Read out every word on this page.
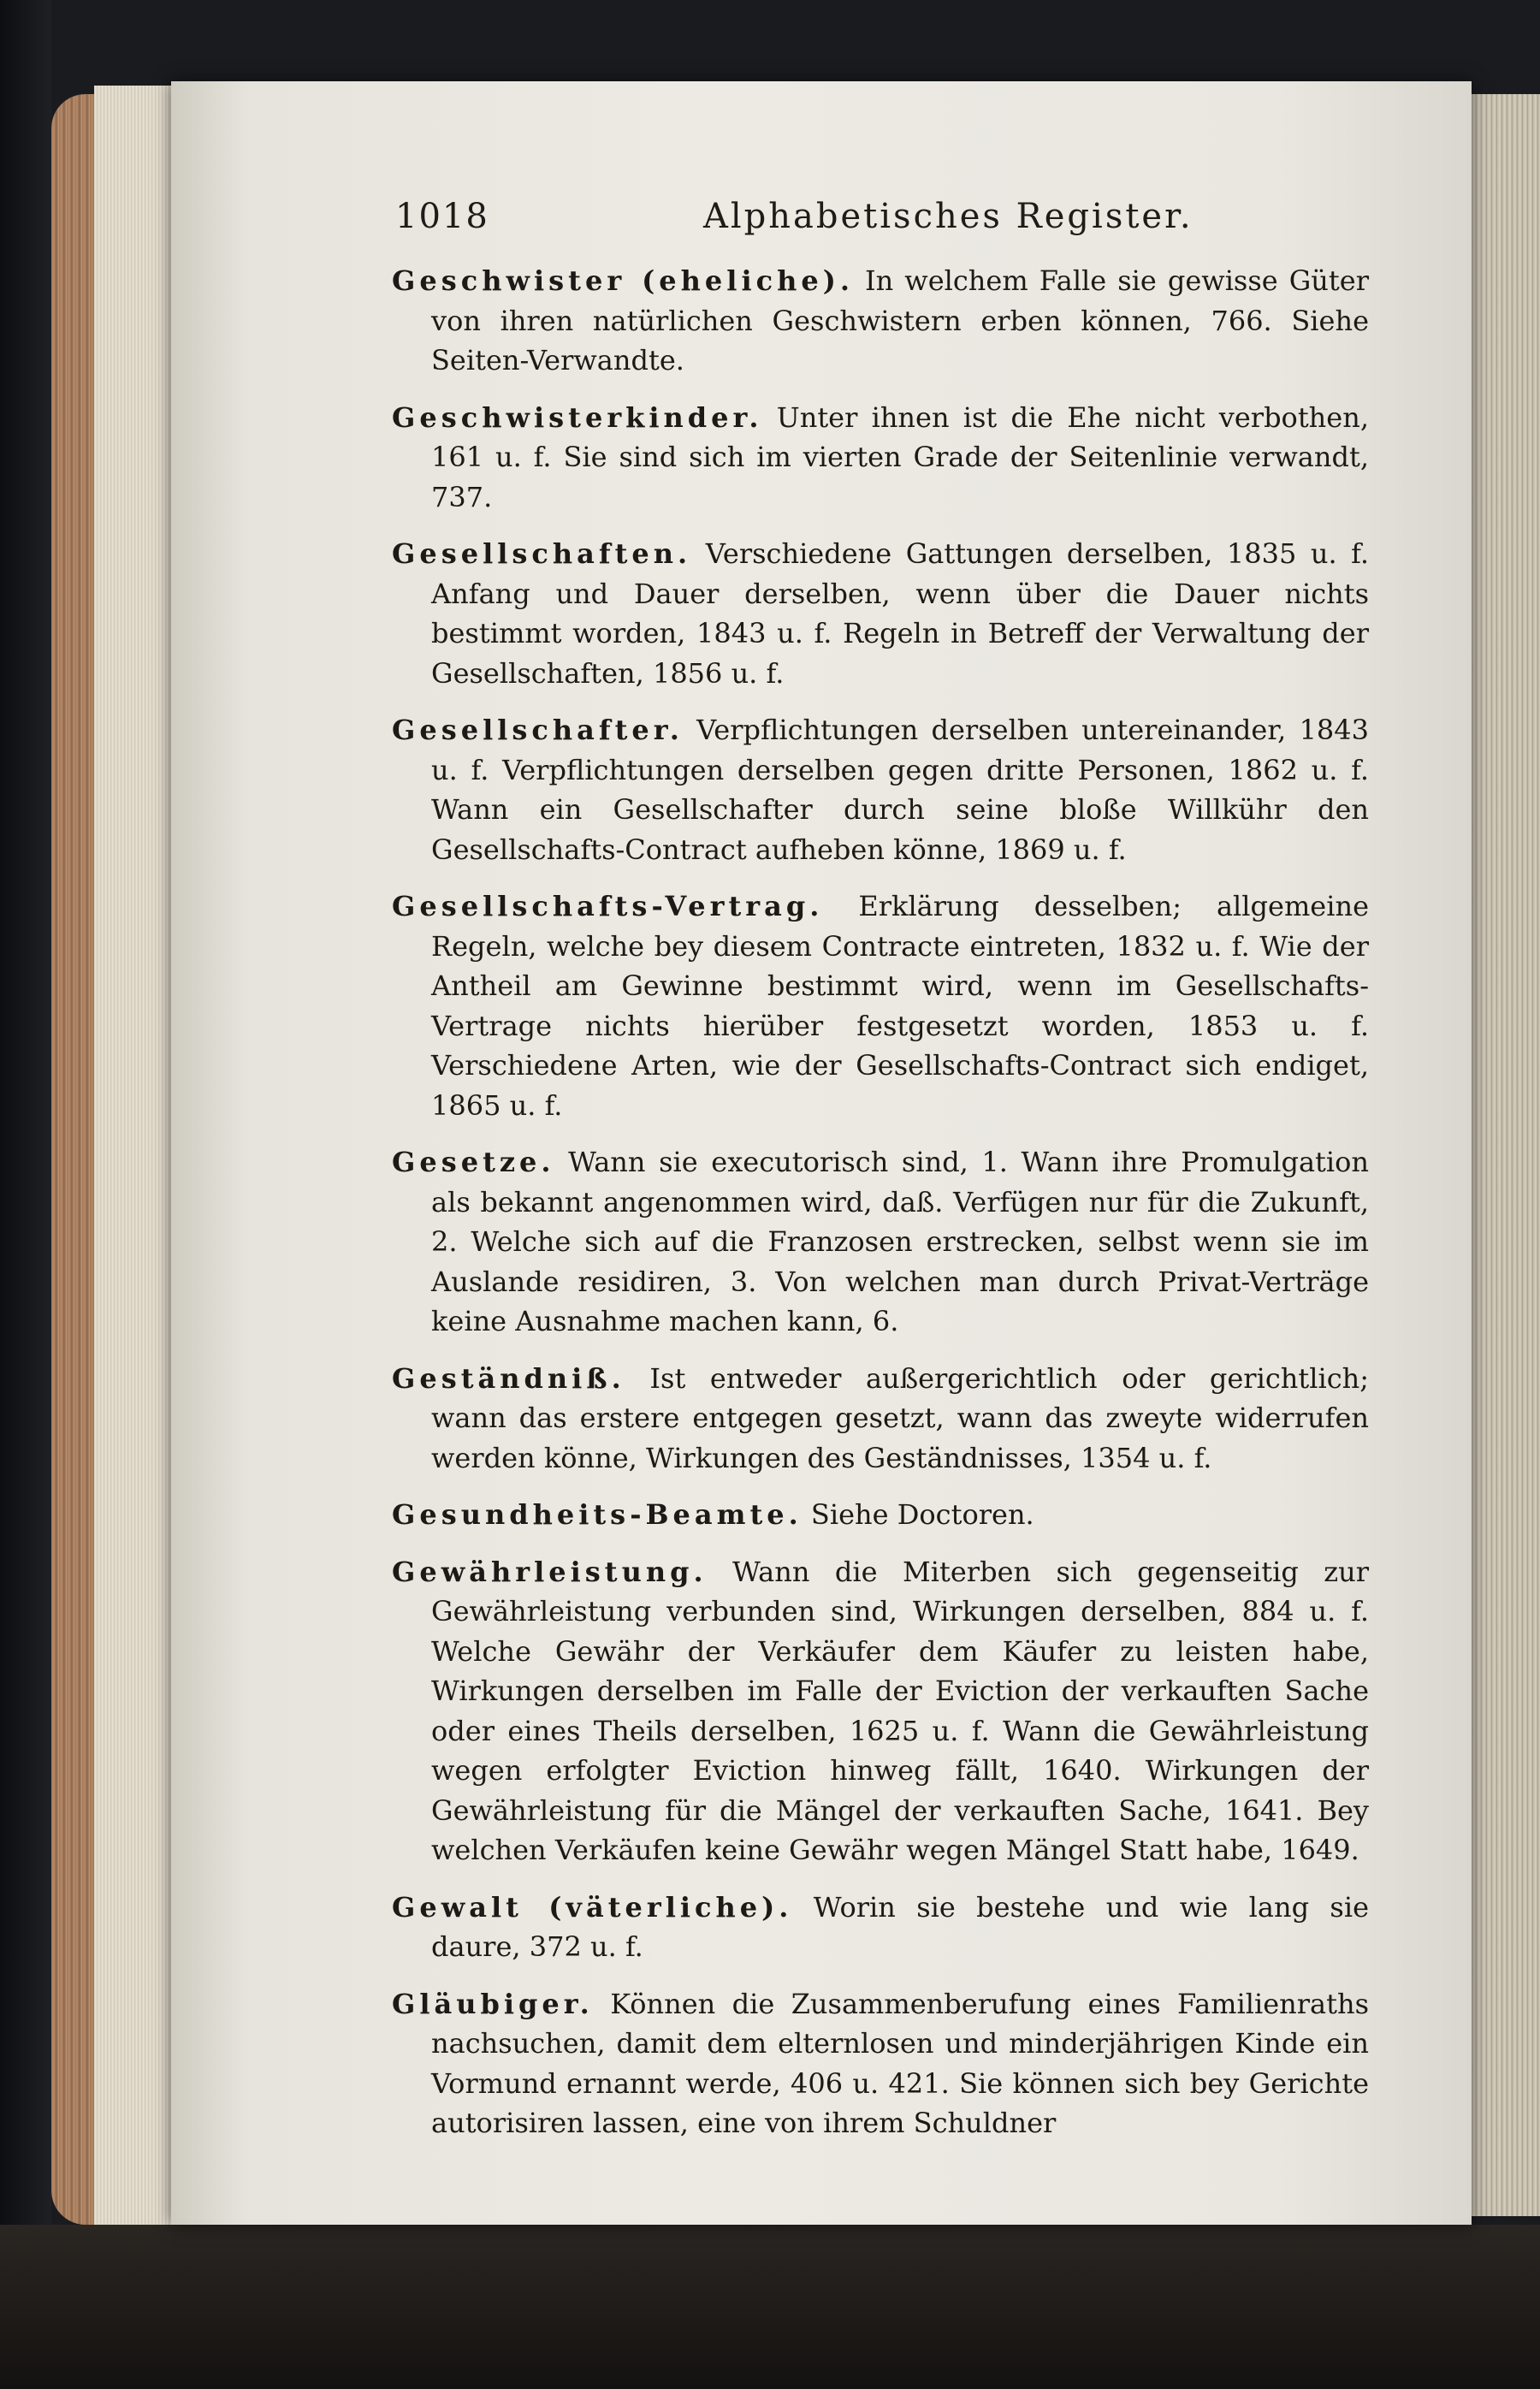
1018	Alphabetisches Register.

Geschwister (eheliche). In welchem Falle sie gewisse Güter von ihren natürlichen Geschwistern erben können, 766. Siehe Seiten-Verwandte.

Geschwisterkinder. Unter ihnen ist die Ehe nicht verbothen, 161 u. f. Sie sind sich im vierten Grade der Seitenlinie verwandt, 737.

Gesellschaften. Verschiedene Gattungen derselben, 1835 u. f. Anfang und Dauer derselben, wenn über die Dauer nichts bestimmt worden, 1843 u. f. Regeln in Betreff der Verwaltung der Gesellschaften, 1856 u. f.

Gesellschafter. Verpflichtungen derselben untereinander, 1843 u. f. Verpflichtungen derselben gegen dritte Personen, 1862 u. f. Wann ein Gesellschafter durch seine bloße Willkühr den Gesellschafts-Contract aufheben könne, 1869 u. f.

Gesellschafts-Vertrag. Erklärung desselben; allgemeine Regeln, welche bey diesem Contracte eintreten, 1832 u. f. Wie der Antheil am Gewinne bestimmt wird, wenn im Gesellschafts-Vertrage nichts hierüber festgesetzt worden, 1853 u. f. Verschiedene Arten, wie der Gesellschafts-Contract sich endiget, 1865 u. f.

Gesetze. Wann sie executorisch sind, 1. Wann ihre Promulgation als bekannt angenommen wird, daß. Verfügen nur für die Zukunft, 2. Welche sich auf die Franzosen erstrecken, selbst wenn sie im Auslande residiren, 3. Von welchen man durch Privat-Verträge keine Ausnahme machen kann, 6.

Geständniß. Ist entweder außergerichtlich oder gerichtlich; wann das erstere entgegen gesetzt, wann das zweyte widerrufen werden könne, Wirkungen des Geständnisses, 1354 u. f.

Gesundheits-Beamte. Siehe Doctoren.

Gewährleistung. Wann die Miterben sich gegenseitig zur Gewährleistung verbunden sind, Wirkungen derselben, 884 u. f. Welche Gewähr der Verkäufer dem Käufer zu leisten habe, Wirkungen derselben im Falle der Eviction der verkauften Sache oder eines Theils derselben, 1625 u. f. Wann die Gewährleistung wegen erfolgter Eviction hinweg fällt, 1640. Wirkungen der Gewährleistung für die Mängel der verkauften Sache, 1641. Bey welchen Verkäufen keine Gewähr wegen Mängel Statt habe, 1649.

Gewalt (väterliche). Worin sie bestehe und wie lang sie daure, 372 u. f.

Gläubiger. Können die Zusammenberufung eines Familienraths nachsuchen, damit dem elternlosen und minderjährigen Kinde ein Vormund ernannt werde, 406 u. 421. Sie können sich bey Gerichte autorisiren lassen, eine von ihrem Schuldner
